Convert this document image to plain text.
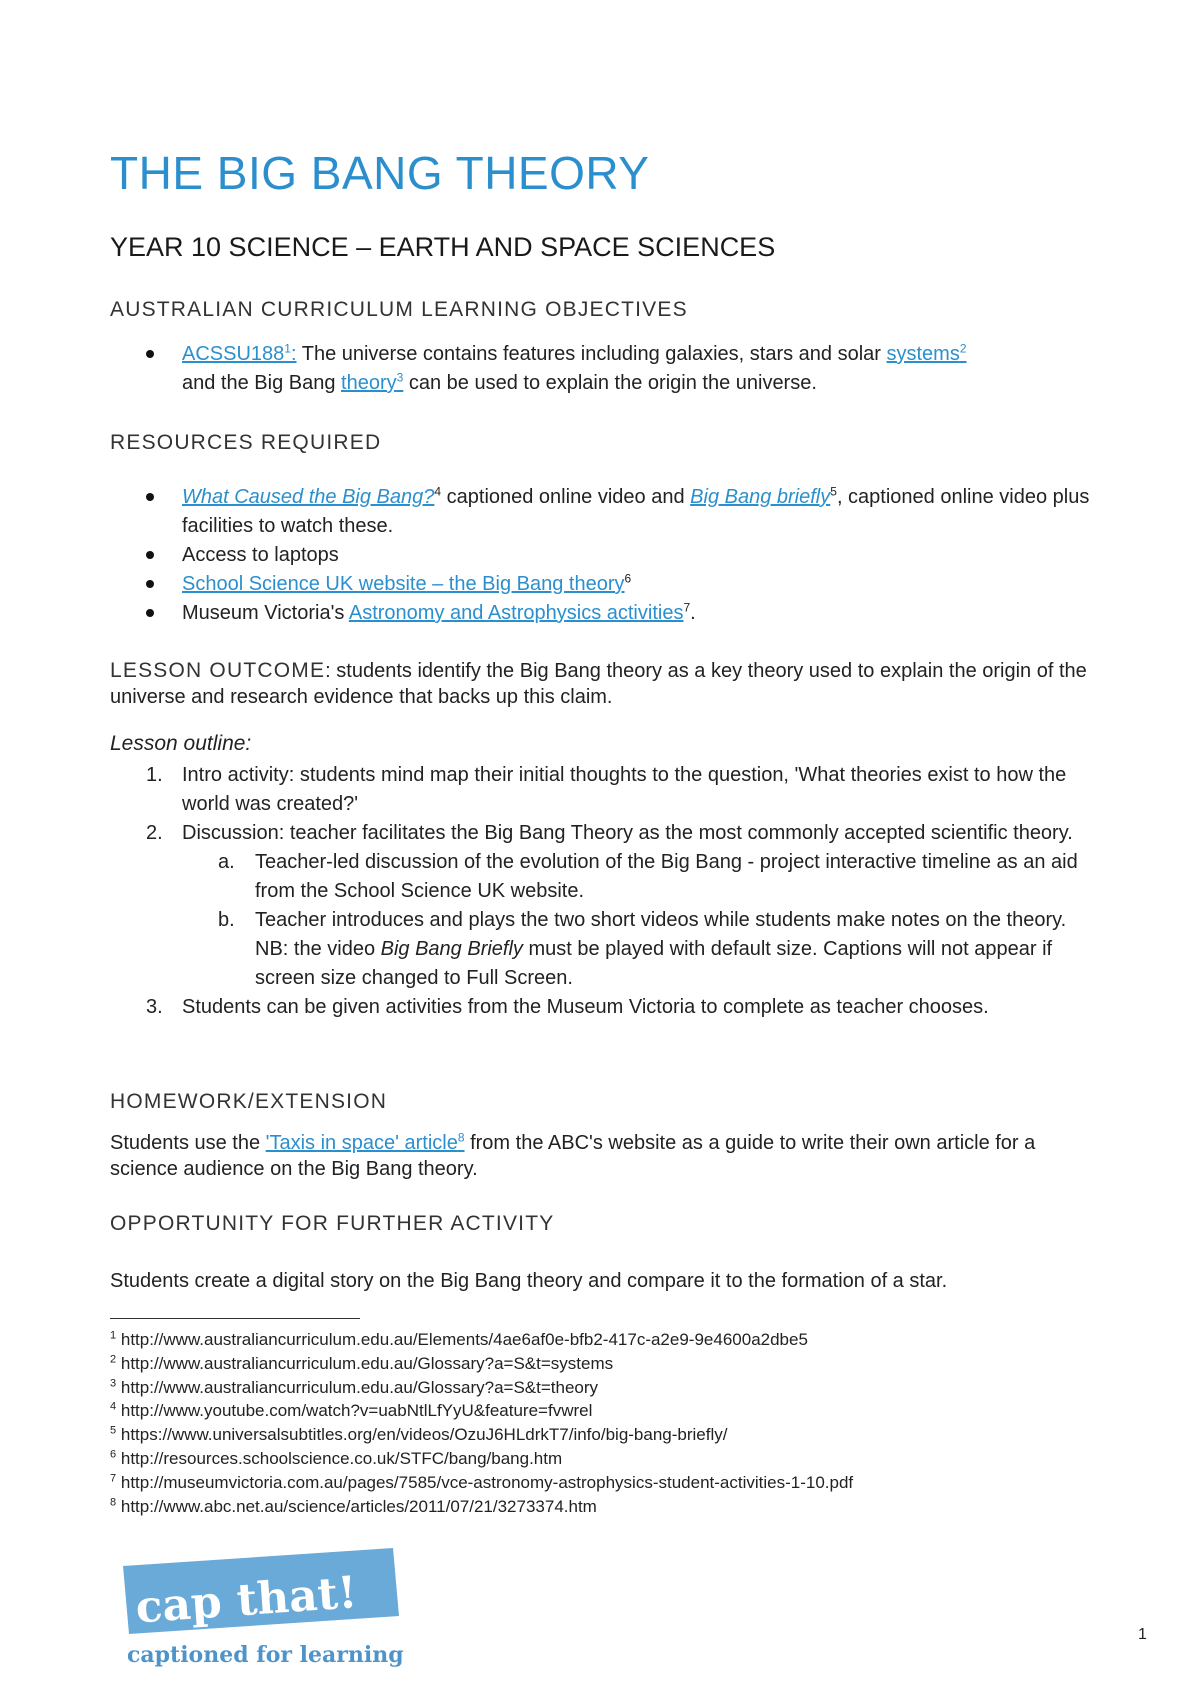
THE BIG BANG THEORY
YEAR 10 SCIENCE – EARTH AND SPACE SCIENCES
AUSTRALIAN CURRICULUM LEARNING OBJECTIVES
$ACSSU188^1$: The universe contains features including galaxies, stars and solar systems$^2$
and the Big Bang theory$^3$ can be used to explain the origin the universe.
RESOURCES REQUIRED
What Caused the Big Bang?$^4$ captioned online video and Big Bang briefly$^5$, captioned online video plus facilities to watch these.
Access to laptops
School Science UK website – the Big Bang theory$^6$
Museum Victoria's Astronomy and Astrophysics activities$^7$.
LESSON OUTCOME: students identify the Big Bang theory as a key theory used to explain the origin of the universe and research evidence that backs up this claim.
Lesson outline:
1. Intro activity: students mind map their initial thoughts to the question, 'What theories exist to how the world was created?'
2. Discussion: teacher facilitates the Big Bang Theory as the most commonly accepted scientific theory.
a. Teacher-led discussion of the evolution of the Big Bang - project interactive timeline as an aid from the School Science UK website.
b. Teacher introduces and plays the two short videos while students make notes on the theory. NB: the video Big Bang Briefly must be played with default size. Captions will not appear if screen size changed to Full Screen.
3. Students can be given activities from the Museum Victoria to complete as teacher chooses.
HOMEWORK/EXTENSION
Students use the 'Taxis in space' article$^8$ from the ABC's website as a guide to write their own article for a science audience on the Big Bang theory.
OPPORTUNITY FOR FURTHER ACTIVITY
Students create a digital story on the Big Bang theory and compare it to the formation of a star.
$^1$ http://www.australiancurriculum.edu.au/Elements/4ae6af0e-bfb2-417c-a2e9-9e4600a2dbe5
$^2$ http://www.australiancurriculum.edu.au/Glossary?a=S&t=systems
$^3$ http://www.australiancurriculum.edu.au/Glossary?a=S&t=theory
$^4$ http://www.youtube.com/watch?v=uabNtlLfYyU&feature=fvwrel
$^5$ https://www.universalsubtitles.org/en/videos/OzuJ6HLdrkT7/info/big-bang-briefly/
$^6$ http://resources.schoolscience.co.uk/STFC/bang/bang.htm
$^7$ http://museumvictoria.com.au/pages/7585/vce-astronomy-astrophysics-student-activities-1-10.pdf
$^8$ http://www.abc.net.au/science/articles/2011/07/21/3273374.htm
cap that!
captioned for learning
1
